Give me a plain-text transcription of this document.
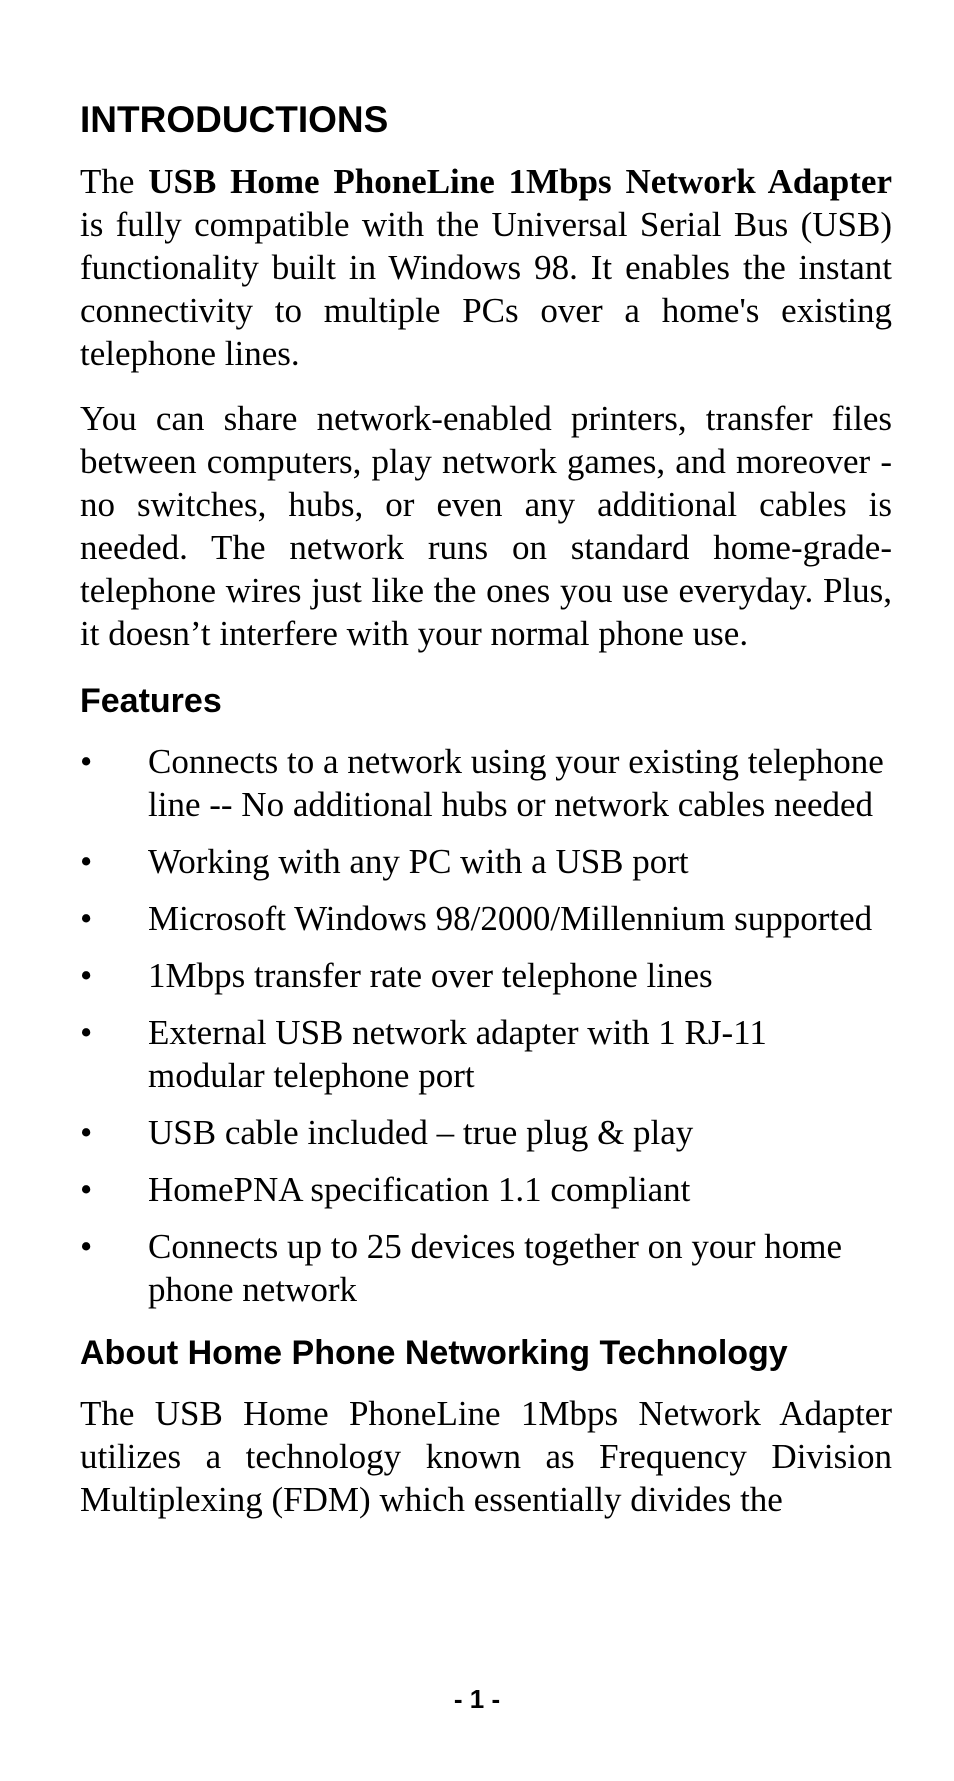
INTRODUCTIONS

The USB Home PhoneLine 1Mbps Network Adapter is fully compatible with the Universal Serial Bus (USB) functionality built in Windows 98. It enables the instant connectivity to multiple PCs over a home's existing telephone lines.

You can share network-enabled printers, transfer files between computers, play network games, and moreover - no switches, hubs, or even any additional cables is needed. The network runs on standard home-grade-telephone wires just like the ones you use everyday. Plus, it doesn’t interfere with your normal phone use.

Features
•	Connects to a network using your existing telephone line -- No additional hubs or network cables needed
•	Working with any PC with a USB port
•	Microsoft Windows 98/2000/Millennium supported
•	1Mbps transfer rate over telephone lines
•	External USB network adapter with 1 RJ-11 modular telephone port
•	USB cable included – true plug & play
•	HomePNA specification 1.1 compliant
•	Connects up to 25 devices together on your home phone network
About Home Phone Networking Technology

The USB Home PhoneLine 1Mbps Network Adapter utilizes a technology known as Frequency Division Multiplexing (FDM) which essentially divides the

- 1 -
